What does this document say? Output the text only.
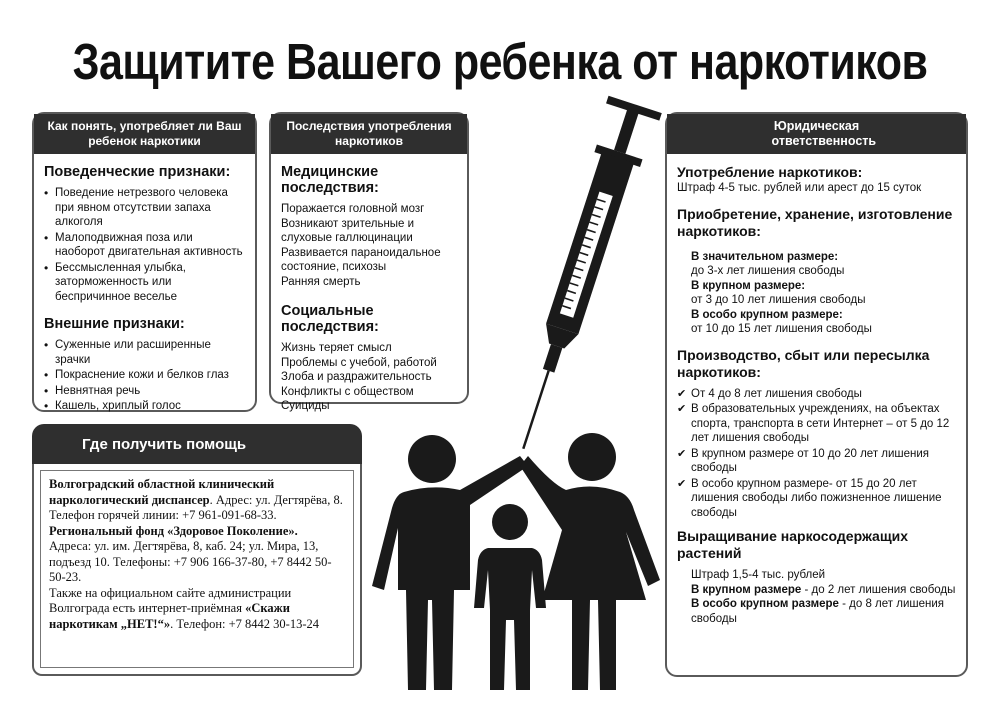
Защитите Вашего ребенка от наркотиков
Как понять, употребляет ли Ваш ребенок наркотики
Поведенческие признаки:
• Поведение нетрезвого человека при явном отсутствии запаха алкоголя
• Малоподвижная поза или наоборот двигательная активность
• Бессмысленная улыбка, заторможенность или беспричинное веселье
Внешние признаки:
• Суженные или расширенные зрачки
• Покраснение кожи и белков глаз
• Невнятная речь
• Кашель, хриплый голос
Последствия употребления наркотиков
Медицинские последствия:
Поражается головной мозг
Возникают зрительные и слуховые галлюцинации
Развивается параноидальное состояние, психозы
Ранняя смерть
Социальные последствия:
Жизнь теряет смысл
Проблемы с учебой, работой
Злоба и раздражительность
Конфликты с обществом
Суициды
Где получить помощь
Волгоградский областной клинический наркологический диспансер. Адрес: ул. Дегтярёва, 8. Телефон горячей линии: +7 961-091-68-33.
Региональный фонд «Здоровое Поколение».
Адреса: ул. им. Дегтярёва, 8, каб. 24; ул. Мира, 13, подъезд 10. Телефоны: +7 906 166-37-80, +7 8442 50-50-23.
Также на официальном сайте администрации Волгограда есть интернет-приёмная «Скажи наркотикам „НЕТ!“». Телефон: +7 8442 30-13-24
Юридическая ответственность
Употребление наркотиков:
Штраф 4-5 тыс. рублей или арест до 15 суток
Приобретение, хранение, изготовление наркотиков:
В значительном размере:
до 3-х лет лишения свободы
В крупном размере:
от 3 до 10 лет лишения свободы
В особо крупном размере:
от 10 до 15 лет лишения свободы
Производство, сбыт или пересылка наркотиков:
✔ От 4 до 8 лет лишения свободы
✔ В образовательных учреждениях, на объектах спорта, транспорта в сети Интернет – от 5 до 12 лет лишения свободы
✔ В крупном размере от 10 до 20 лет лишения свободы
✔ В особо крупном размере- от 15 до 20 лет лишения свободы либо пожизненное лишение свободы
Выращивание наркосодержащих растений
Штраф 1,5-4 тыс. рублей
В крупном размере - до 2 лет лишения свободы
В особо крупном размере - до 8 лет лишения свободы
